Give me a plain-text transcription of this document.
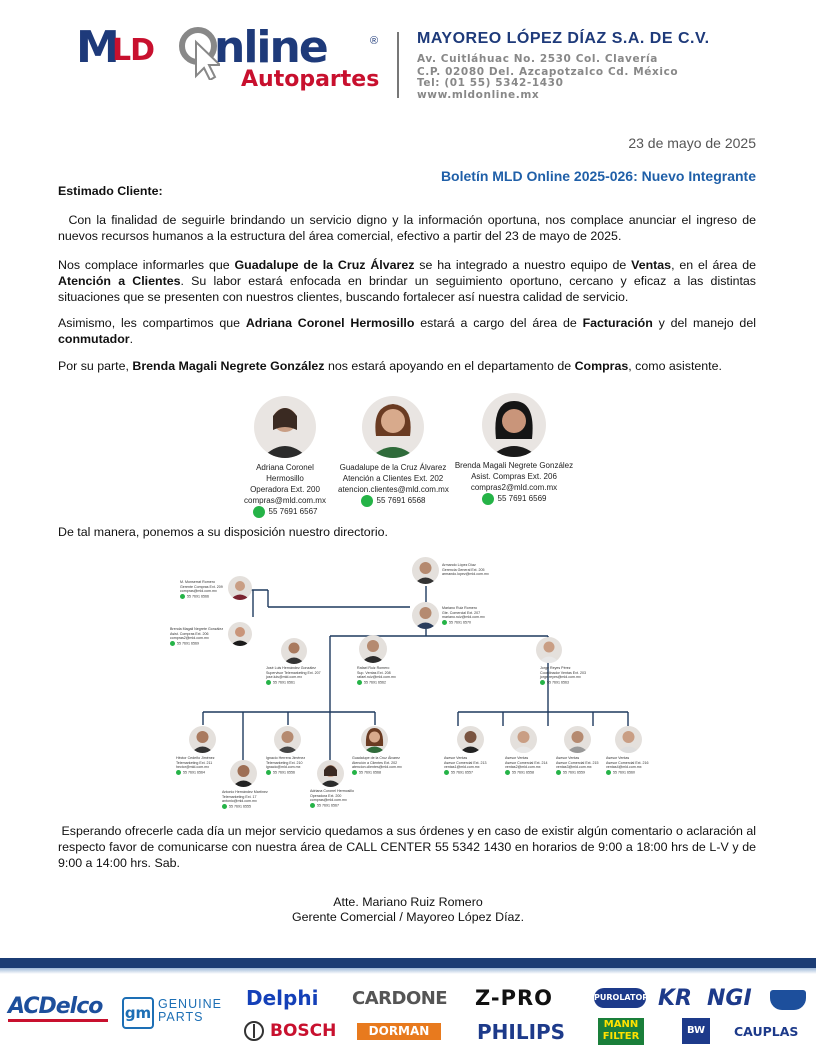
M
LD nline	®
Autopartes
MAYOREO LÓPEZ DÍAZ S.A. DE C.V.
Av. Cuitláhuac No. 2530 Col. Clavería
C.P. 02080 Del. Azcapotzalco Cd. México
Tel: (01 55) 5342-1430
www.mldonline.mx
23 de mayo de 2025
Boletín MLD Online 2025-026: Nuevo Integrante
Estimado Cliente:
Con la finalidad de seguirle brindando un servicio digno y la información oportuna, nos complace anunciar el ingreso de nuevos recursos humanos a la estructura del área comercial, efectivo a partir del 23 de mayo de 2025.
Nos complace informarles que Guadalupe de la Cruz Álvarez se ha integrado a nuestro equipo de Ventas, en el área de Atención a Clientes. Su labor estará enfocada en brindar un seguimiento oportuno, cercano y eficaz a las distintas situaciones que se presenten con nuestros clientes, buscando fortalecer así nuestra calidad de servicio.
Asimismo, les compartimos que Adriana Coronel Hermosillo estará a cargo del área de Facturación y del manejo del conmutador.
Por su parte, Brenda Magali Negrete González nos estará apoyando en el departamento de Compras, como asistente.
Adriana Coronel Hermosillo
Operadora Ext. 200
compras@mld.com.mx
55 7691 6567
Guadalupe de la Cruz Álvarez
Atención a Clientes Ext. 202
atencion.clientes@mld.com.mx
55 7691 6568
Brenda Magali Negrete González
Asist. Compras Ext. 206
compras2@mld.com.mx
55 7691 6569
De tal manera, ponemos a su disposición nuestro directorio.
Armando López Díaz
Gerencia General Ext. 205
armando.lopez@mld.com.mx
Mariano Ruiz Romero
Gte. Comercial Ext. 207
mariano.ruiz@mld.com.mx
55 7691 6570
M. Monserrat Romero
Gerente Compras Ext. 209
compras@mld.com.mx
55 7691 6566
Brenda Magali Negrete González
Asist. Compras Ext. 206
compras2@mld.com.mx
55 7691 6569
José Luis Hernández González
Supervisor Telemarketing Ext. 207
jose.luis@mld.com.mx
55 7691 6561
Rafael Ruiz Romero
Sup. Ventas Ext. 208
rafael.ruiz@mld.com.mx
55 7691 6562
Jorge Reyes Pérez
Coordinador Ventas Ext. 203
jorge.reyes@mld.com.mx
55 7691 6563
Héctor Cedeño Jiménez
Telemarketing Ext. 211
hector@mld.com.mx
55 7691 6564
Antonio Hernández Martínez
Telemarketing Ext. 17
antonio@mld.com.mx
55 7691 6555
Ignacio Herrera Jiménez
Telemarketing Ext. 210
ignacio@mld.com.mx
55 7691 6556
Adriana Coronel Hermosillo
Operadora Ext. 200
compras@mld.com.mx
55 7691 6567
Guadalupe de la Cruz Álvarez
Atención a Clientes Ext. 202
atencion.clientes@mld.com.mx
55 7691 6568
Asesor Ventas
Asesor Comercial Ext. 213
ventas1@mld.com.mx
55 7691 6557
Asesor Ventas
Asesor Comercial Ext. 214
ventas2@mld.com.mx
55 7691 6558
Asesor Ventas
Asesor Comercial Ext. 215
ventas3@mld.com.mx
55 7691 6559
Asesor Ventas
Asesor Comercial Ext. 216
ventas4@mld.com.mx
55 7691 6560
Esperando ofrecerle cada día un mejor servicio quedamos a sus órdenes y en caso de existir algún comentario o aclaración al respecto favor de comunicarse con nuestra área de CALL CENTER 55 5342 1430 en horarios de 9:00 a 18:00 hrs de L-V y de 9:00 a 14:00 hrs. Sab.
Atte. Mariano Ruiz Romero
Gerente Comercial / Mayoreo López Díaz.
ACDelco gm GENUINE
PARTS
Delphi CARDONE Z-PRO	PUROLATOR KR NGI
BOSCH	DORMAN	PHILIPS	MANN
FILTER
BW	CAUPLAS
